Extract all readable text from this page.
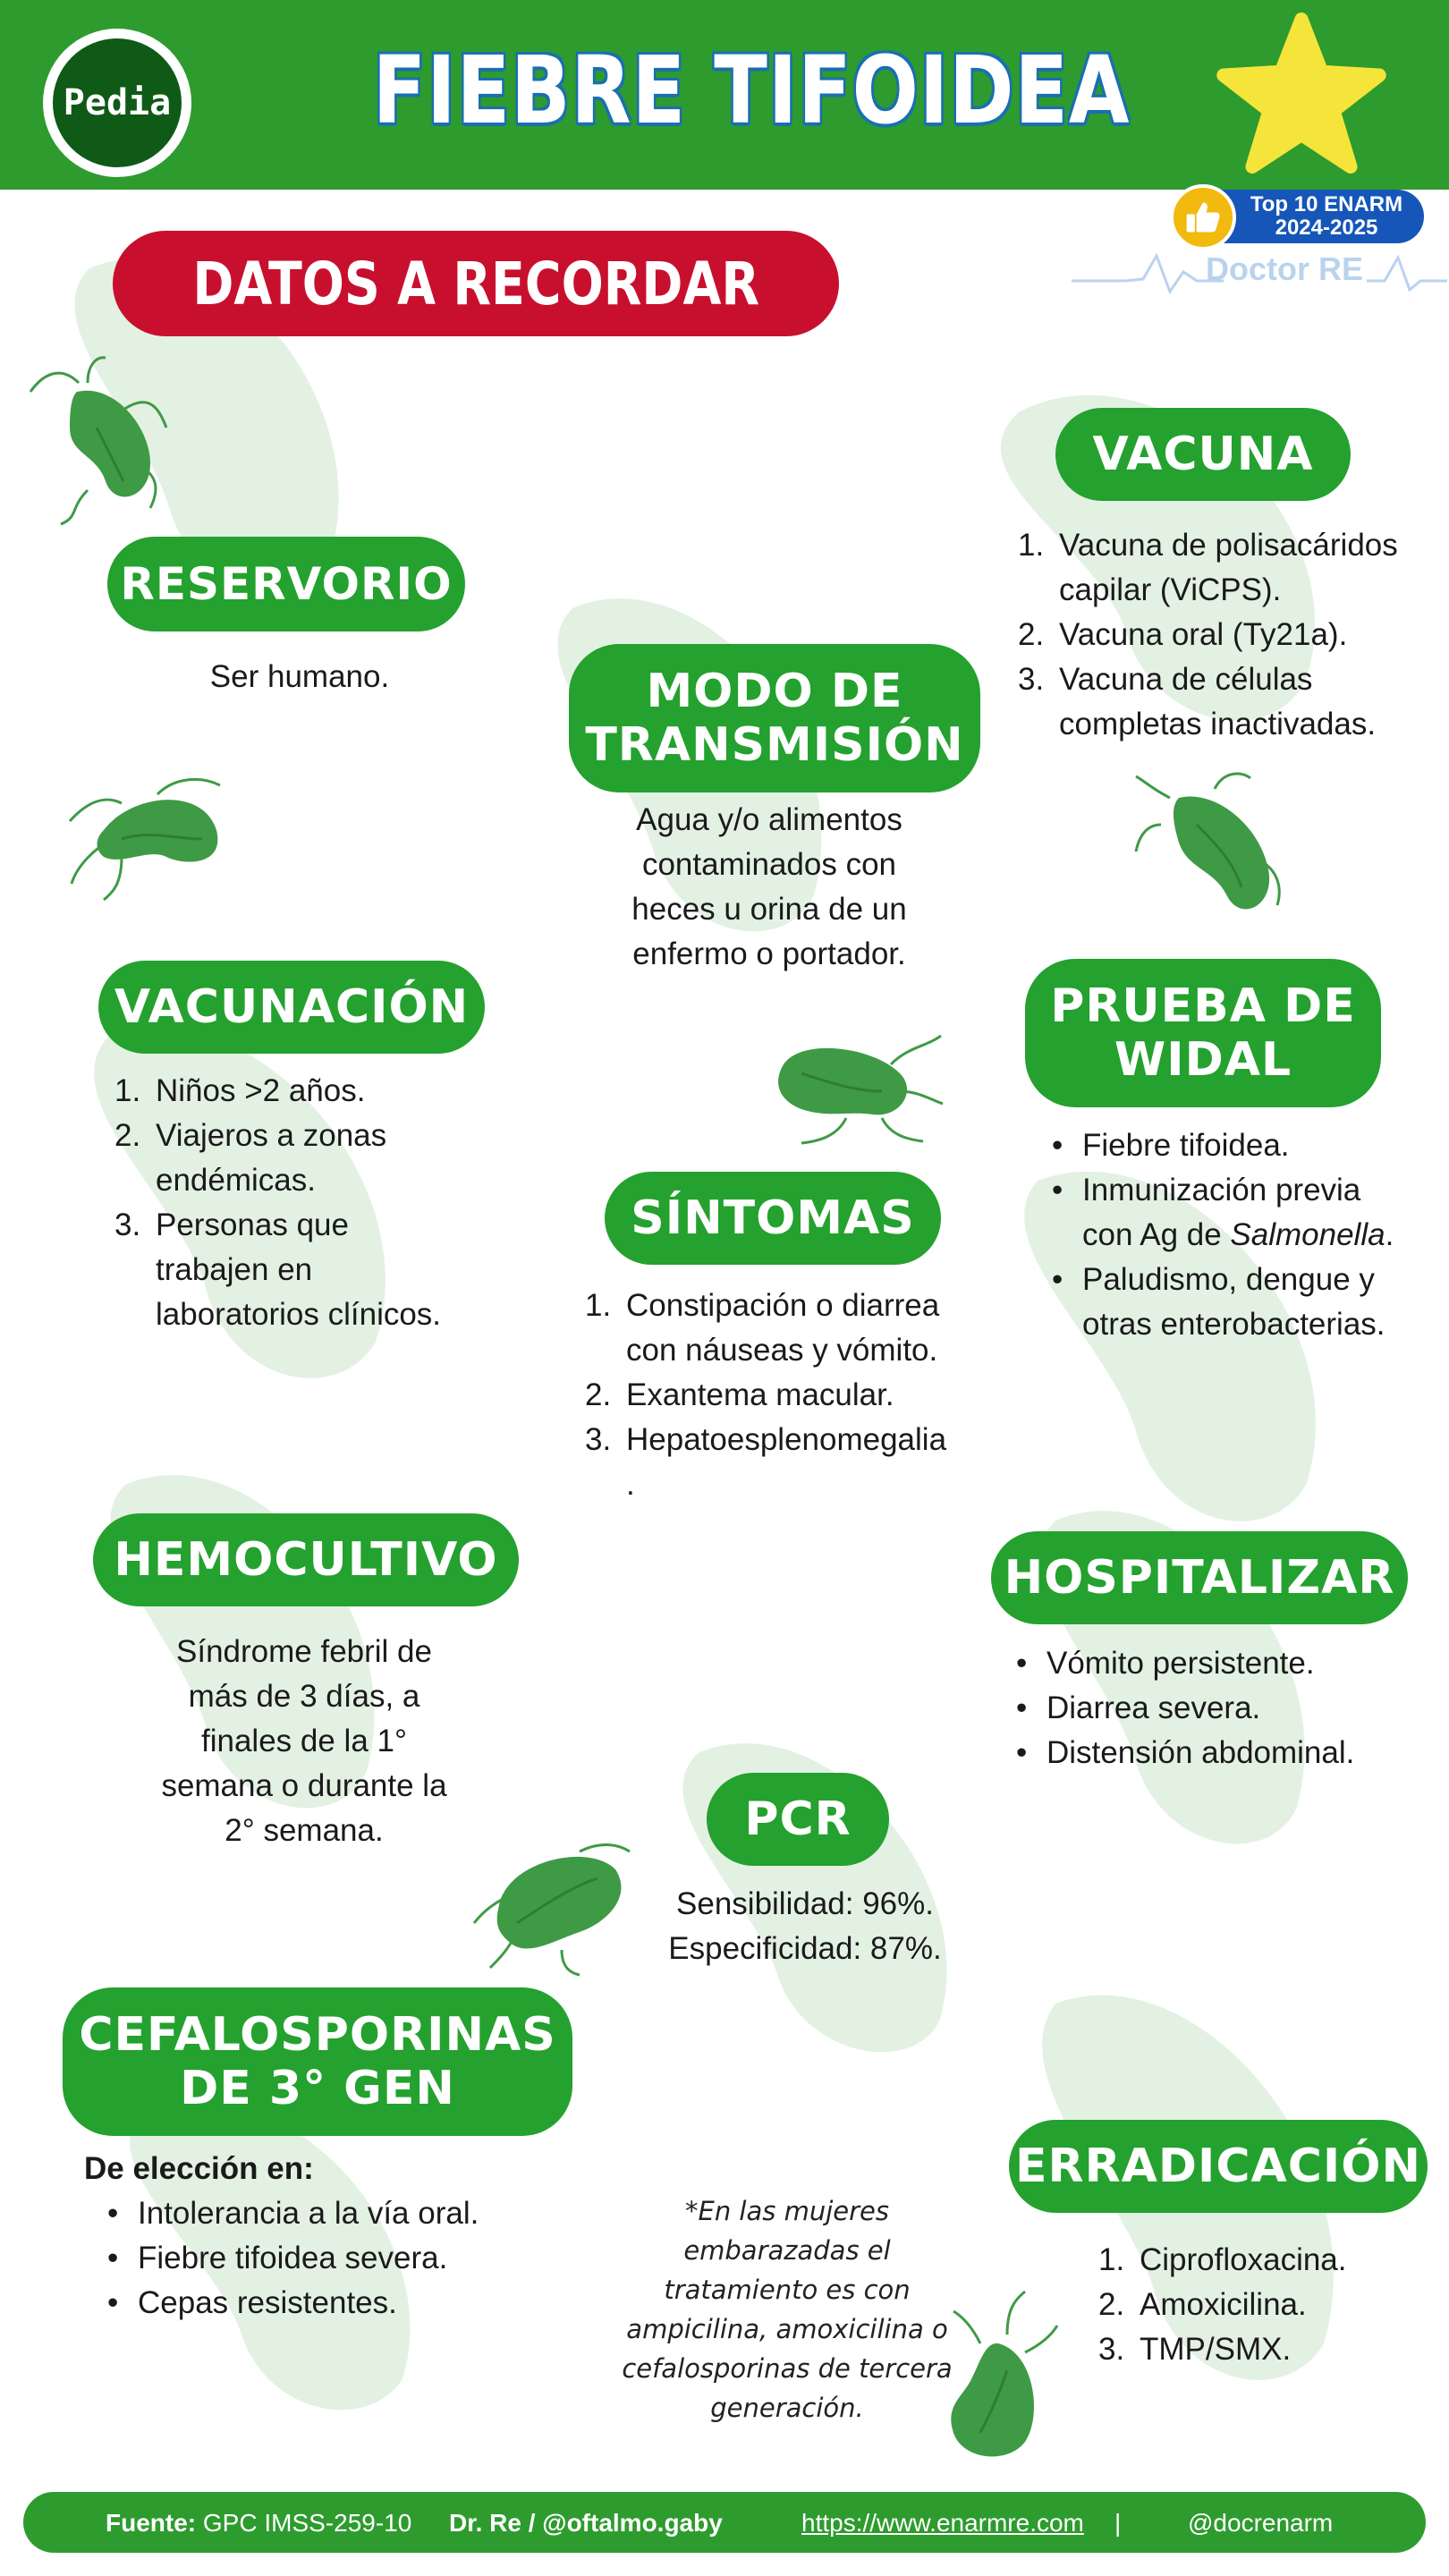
Pedia FIEBRE TIFOIDEA
Top 10 ENARM
2024-2025
Doctor RE
DATOS A RECORDAR
RESERVORIO
Ser humano.	MODO DE
TRANSMISIÓN
Agua y/o alimentos
contaminados con
heces u orina de un
enfermo o portador.
VACUNA
1. Vacuna de polisacáridos
capilar (ViCPS).
2. Vacuna oral (Ty21a).
3. Vacuna de células
completas inactivadas.
VACUNACIÓN
1. Niños >2 años.
2. Viajeros a zonas
endémicas.
3. Personas que
trabajen en
laboratorios clínicos.
PRUEBA DE
WIDAL
• Fiebre tifoidea.
• Inmunización previa
con Ag de Salmonella.
• Paludismo, dengue y
otras enterobacterias.
SÍNTOMAS
1. Constipación o diarrea
con náuseas y vómito.
2. Exantema macular.
3. Hepatoesplenomegalia
.
HEMOCULTIVO
Síndrome febril de
más de 3 días, a
finales de la 1°
semana o durante la
2° semana.
HOSPITALIZAR
• Vómito persistente.
• Diarrea severa.
• Distensión abdominal.
PCR
Sensibilidad: 96%.
Especificidad: 87%.
CEFALOSPORINAS
DE 3° GEN
De elección en:
• Intolerancia a la vía oral.
• Fiebre tifoidea severa.
• Cepas resistentes.
*En las mujeres
embarazadas el
tratamiento es con
ampicilina, amoxicilina o
cefalosporinas de tercera
generación.
ERRADICACIÓN
1. Ciprofloxacina.
2. Amoxicilina.
3. TMP/SMX.
Fuente: GPC IMSS-259-10 Dr. Re / @oftalmo.gaby	https://www.enarmre.com |	@docrenarm
